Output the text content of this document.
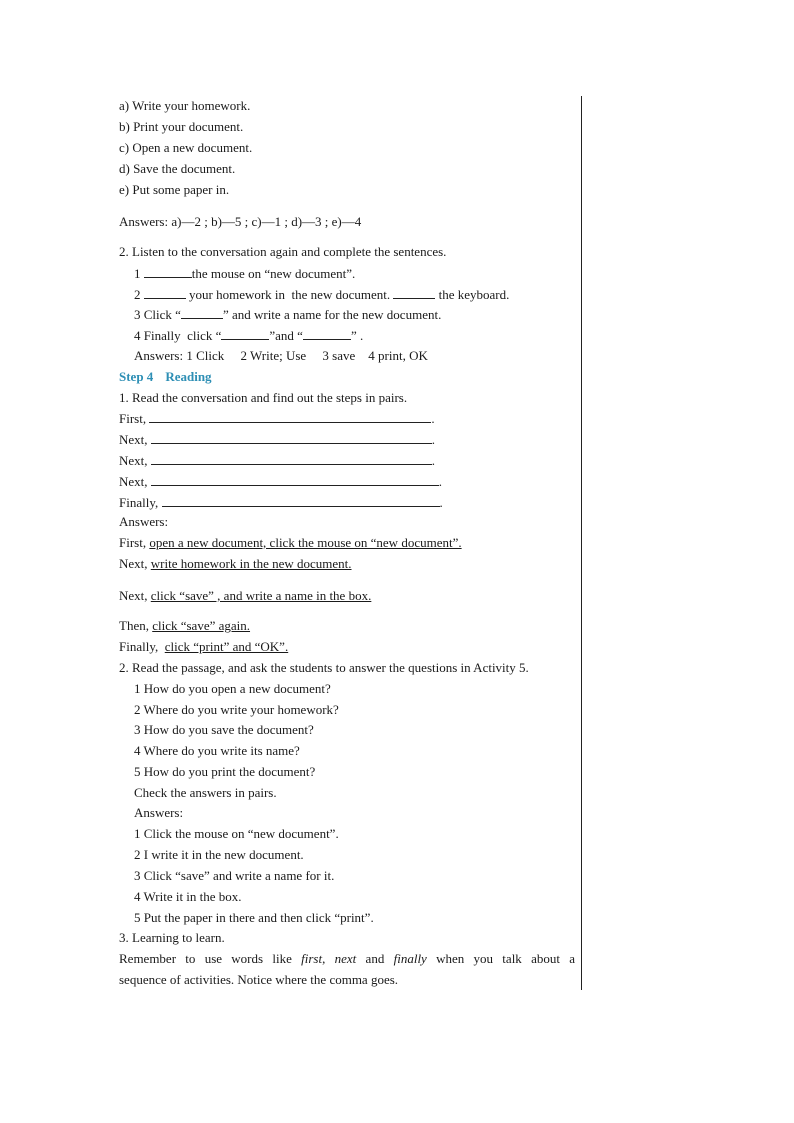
a) Write your homework.
b) Print your document.
c) Open a new document.
d) Save the document.
e) Put some paper in.
Answers: a)—2 ; b)—5 ; c)—1 ; d)—3 ; e)—4
2. Listen to the conversation again and complete the sentences.
1	the mouse on “new document”.
2	your homework in  the new document.	the keyboard.
3 Click “	” and write a name for the new document.
4 Finally  click “	”and “	” .
Answers: 1 Click     2 Write; Use     3 save    4 print, OK
Step 4 Reading
1. Read the conversation and find out the steps in pairs.
First,	.
Next,	.
Next,	.
Next,	.
Finally,	.
Answers:
First, open a new document, click the mouse on “new document”.
Next, write homework in the new document.
Next, click “save” , and write a name in the box.
Then, click “save” again.
Finally,  click “print” and “OK”.
2. Read the passage, and ask the students to answer the questions in Activity 5.
1 How do you open a new document?
2 Where do you write your homework?
3 How do you save the document?
4 Where do you write its name?
5 How do you print the document?
Check the answers in pairs.
Answers:
1 Click the mouse on “new document”.
2 I write it in the new document.
3 Click “save” and write a name for it.
4 Write it in the box.
5 Put the paper in there and then click “print”.
3. Learning to learn.
Remember to use words like first, next and finally when you talk about a
sequence of activities. Notice where the comma goes.
